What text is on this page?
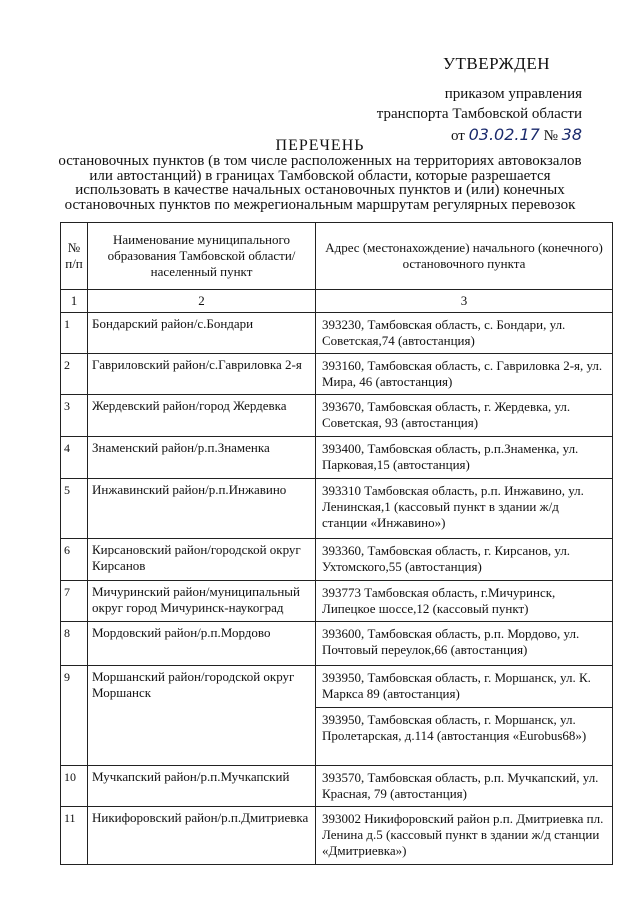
УТВЕРЖДЕН
приказом управления
транспорта Тамбовской области
от 03.02.17 № 38
ПЕРЕЧЕНЬ
остановочных пунктов (в том числе расположенных на территориях автовокзалов или автостанций) в границах Тамбовской области, которые разрешается использовать в качестве начальных остановочных пунктов и (или) конечных остановочных пунктов по межрегиональным маршрутам регулярных перевозок
№ п/п	Наименование муниципального образования Тамбовской области/населенный пункт	Адрес (местонахождение) начального (конечного) остановочного пункта
1	2	3
1	Бондарский район/с.Бондари	393230, Тамбовская область, с. Бондари, ул. Советская,74 (автостанция)
2	Гавриловский район/с.Гавриловка 2-я	393160, Тамбовская область, с. Гавриловка 2-я, ул. Мира, 46 (автостанция)
3	Жердевский район/город Жердевка	393670, Тамбовская область, г. Жердевка, ул. Советская, 93 (автостанция)
4	Знаменский район/р.п.Знаменка	393400, Тамбовская область, р.п.Знаменка, ул. Парковая,15 (автостанция)
5	Инжавинский район/р.п.Инжавино	393310 Тамбовская область, р.п. Инжавино, ул. Ленинская,1 (кассовый пункт в здании ж/д станции «Инжавино»)
6	Кирсановский район/городской округ Кирсанов	393360, Тамбовская область, г. Кирсанов, ул. Ухтомского,55 (автостанция)
7	Мичуринский район/муниципальный округ город Мичуринск-наукоград	393773 Тамбовская область, г.Мичуринск, Липецкое шоссе,12 (кассовый пункт)
8	Мордовский район/р.п.Мордово	393600, Тамбовская область, р.п. Мордово, ул. Почтовый переулок,66 (автостанция)
9	Моршанский район/городской округ Моршанск	393950, Тамбовская область, г. Моршанск, ул. К. Маркса 89 (автостанция)
		393950, Тамбовская область, г. Моршанск, ул. Пролетарская, д.114 (автостанция «Eurobus68»)
10	Мучкапский район/р.п.Мучкапский	393570, Тамбовская область, р.п. Мучкапский, ул. Красная, 79 (автостанция)
11	Никифоровский район/р.п.Дмитриевка	393002 Никифоровский район р.п. Дмитриевка пл. Ленина д.5 (кассовый пункт в здании ж/д станции «Дмитриевка»)
